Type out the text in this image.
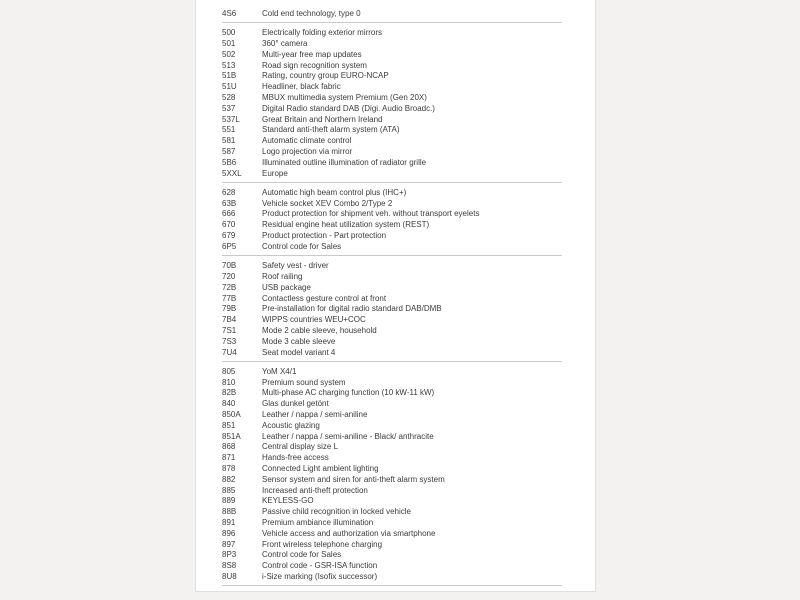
4S6	Cold end technology, type 0
500	Electrically folding exterior mirrors
501	360° camera
502	Multi-year free map updates
513	Road sign recognition system
51B	Rating, country group EURO-NCAP
51U	Headliner, black fabric
528	MBUX multimedia system Premium (Gen 20X)
537	Digital Radio standard DAB (Digi. Audio Broadc.)
537L	Great Britain and Northern Ireland
551	Standard anti-theft alarm system (ATA)
581	Automatic climate control
587	Logo projection via mirror
5B6	Illuminated outline illumination of radiator grille
5XXL	Europe
628	Automatic high beam control plus (IHC+)
63B	Vehicle socket XEV Combo 2/Type 2
666	Product protection for shipment veh. without transport eyelets
670	Residual engine heat utilization system (REST)
679	Product protection - Part protection
6P5	Control code for Sales
70B	Safety vest - driver
720	Roof railing
72B	USB package
77B	Contactless gesture control at front
79B	Pre-installation for digital radio standard DAB/DMB
7B4	WIPPS countries WEU+COC
7S1	Mode 2 cable sleeve, household
7S3	Mode 3 cable sleeve
7U4	Seat model variant 4
805	YoM X4/1
810	Premium sound system
82B	Multi-phase AC charging function (10 kW-11 kW)
840	Glas dunkel getönt
850A	Leather / nappa / semi-aniline
851	Acoustic glazing
851A	Leather / nappa / semi-aniline - Black/ anthracite
868	Central display size L
871	Hands-free access
878	Connected Light ambient lighting
882	Sensor system and siren for anti-theft alarm system
885	Increased anti-theft protection
889	KEYLESS-GO
88B	Passive child recognition in locked vehicle
891	Premium ambiance illumination
896	Vehicle access and authorization via smartphone
897	Front wireless telephone charging
8P3	Control code for Sales
8S8	Control code - GSR-ISA function
8U8	i-Size marking (Isofix successor)
